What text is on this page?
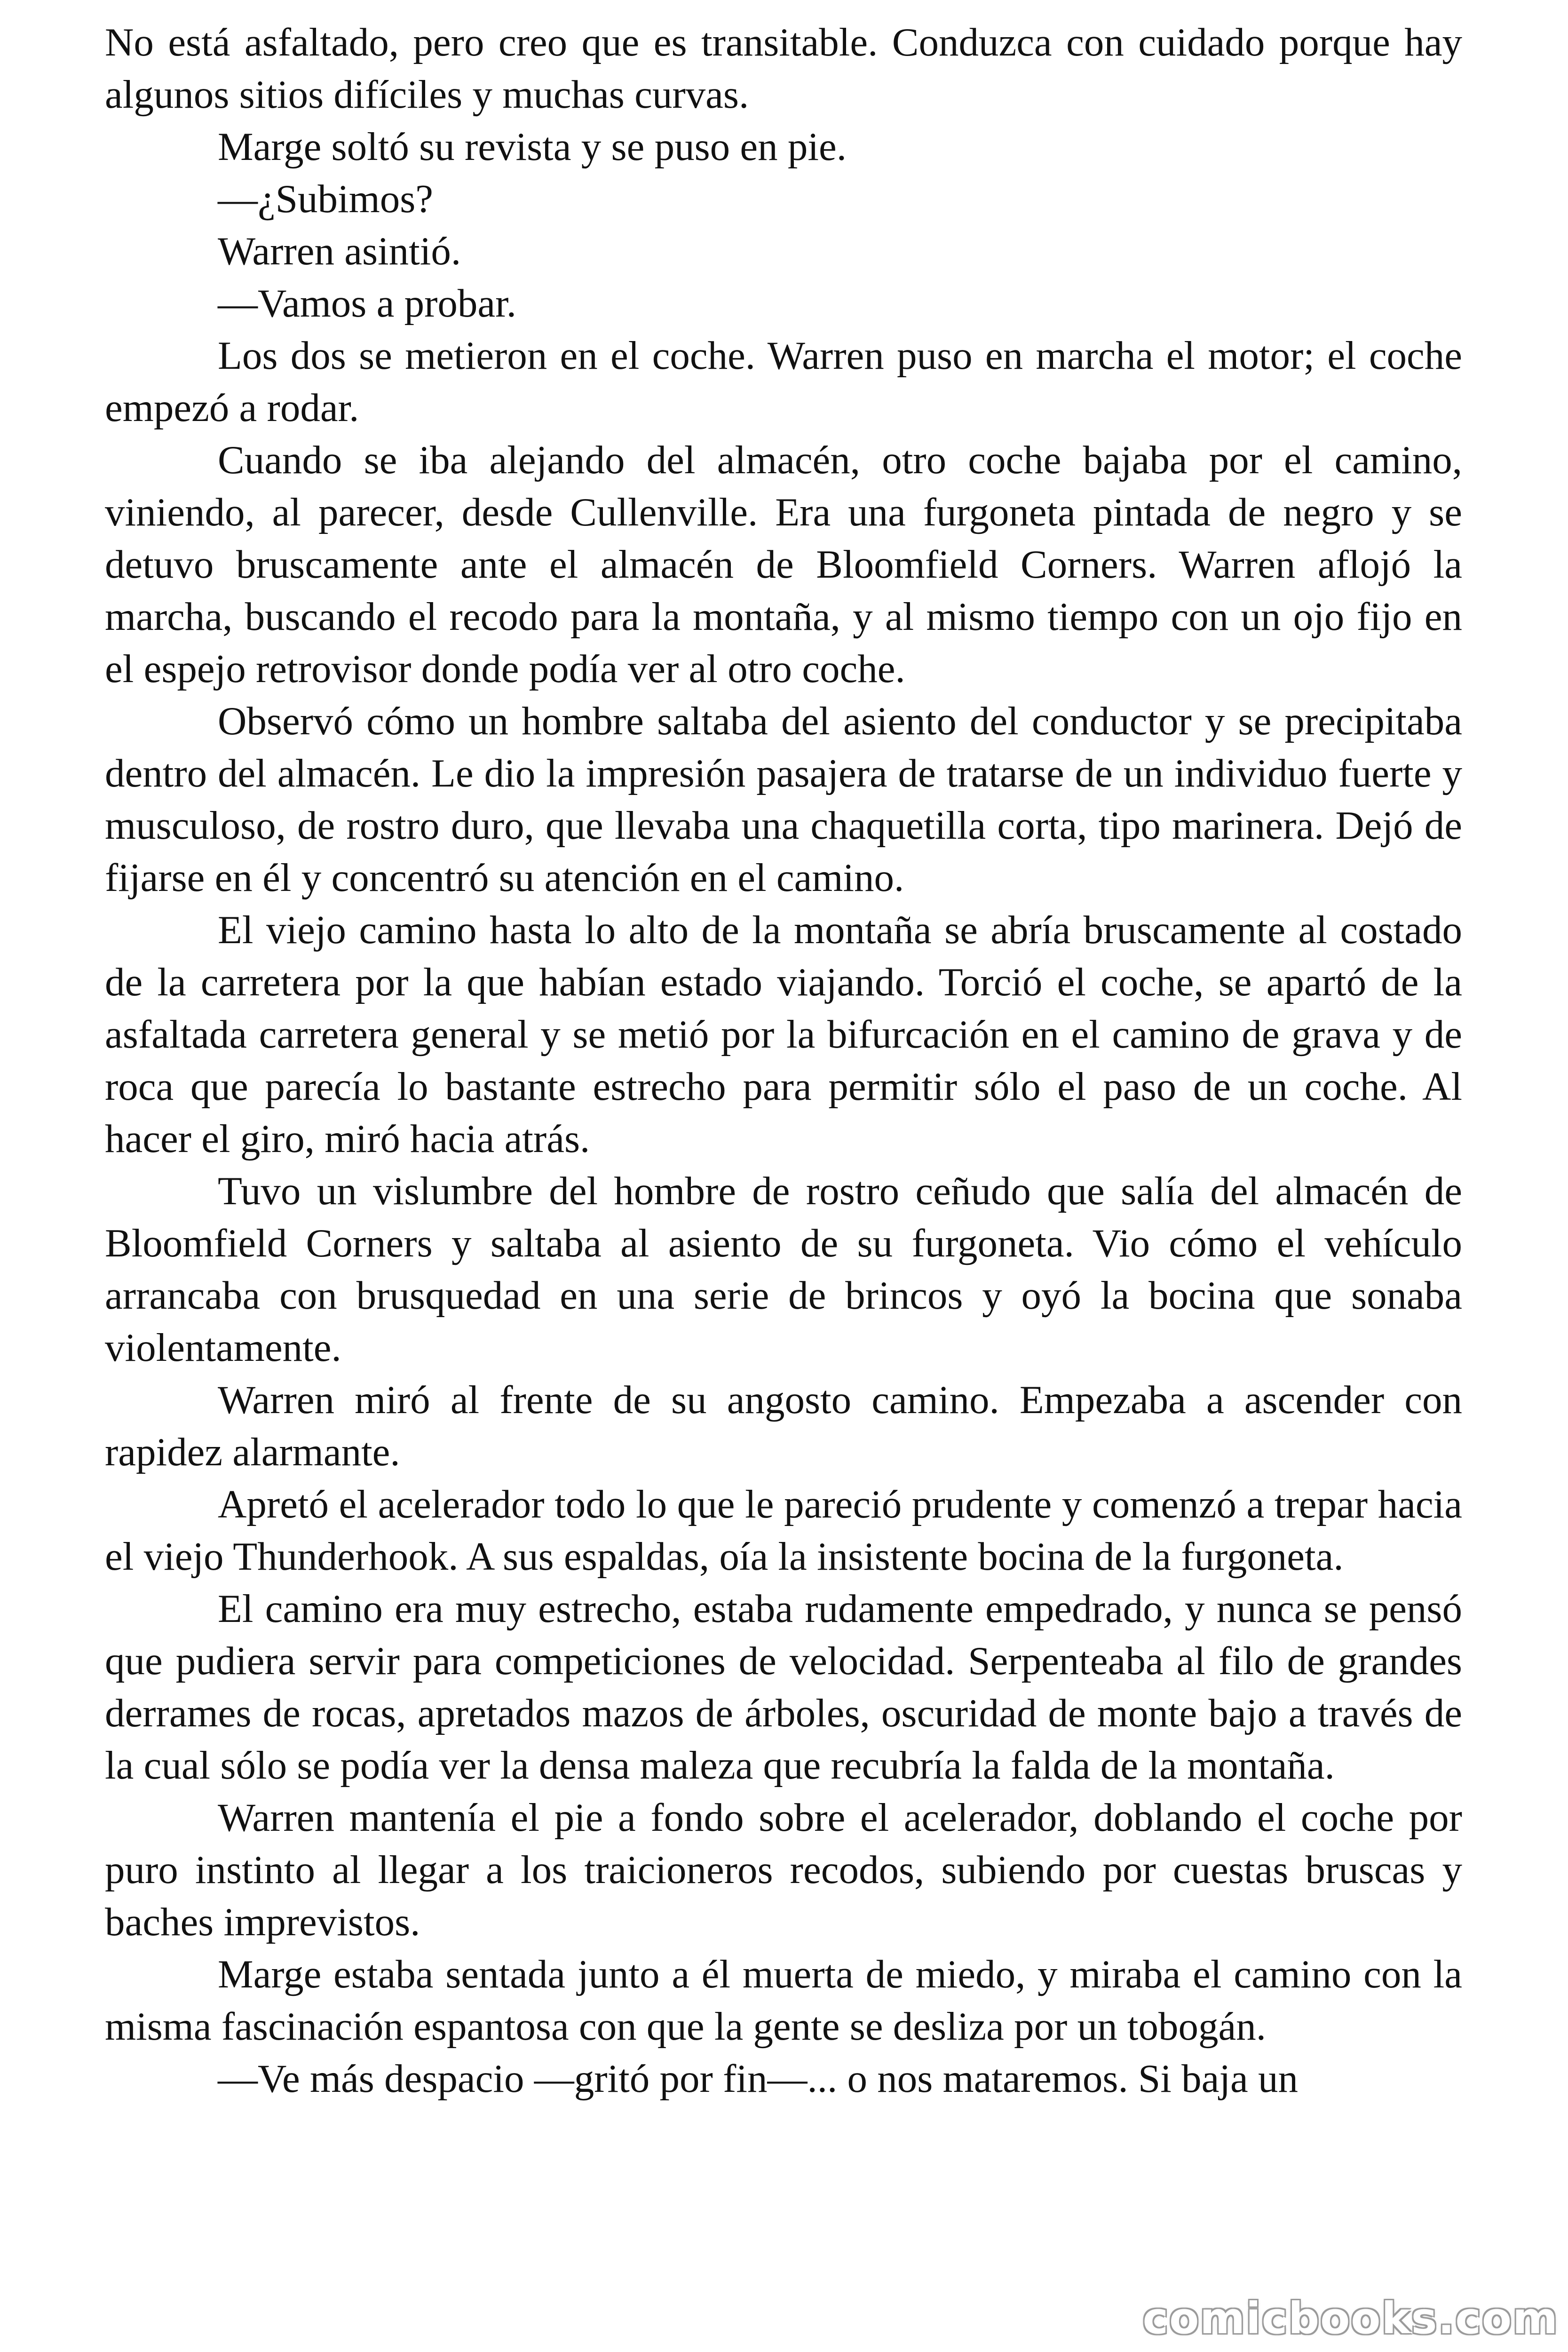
No está asfaltado, pero creo que es transitable. Conduzca con cuidado porque hay algunos sitios difíciles y muchas curvas.

Marge soltó su revista y se puso en pie.

—¿Subimos?

Warren asintió.

—Vamos a probar.

Los dos se metieron en el coche. Warren puso en marcha el motor; el coche empezó a rodar.

Cuando se iba alejando del almacén, otro coche bajaba por el camino, viniendo, al parecer, desde Cullenville. Era una furgoneta pintada de negro y se detuvo bruscamente ante el almacén de Bloomfield Corners. Warren aflojó la marcha, buscando el recodo para la montaña, y al mismo tiempo con un ojo fijo en el espejo retrovisor donde podía ver al otro coche.

Observó cómo un hombre saltaba del asiento del conductor y se precipitaba dentro del almacén. Le dio la impresión pasajera de tratarse de un individuo fuerte y musculoso, de rostro duro, que llevaba una chaquetilla corta, tipo marinera. Dejó de fijarse en él y concentró su atención en el camino.

El viejo camino hasta lo alto de la montaña se abría bruscamente al costado de la carretera por la que habían estado viajando. Torció el coche, se apartó de la asfaltada carretera general y se metió por la bifurcación en el camino de grava y de roca que parecía lo bastante estrecho para permitir sólo el paso de un coche. Al hacer el giro, miró hacia atrás.

Tuvo un vislumbre del hombre de rostro ceñudo que salía del almacén de Bloomfield Corners y saltaba al asiento de su furgoneta. Vio cómo el vehículo arrancaba con brusquedad en una serie de brincos y oyó la bocina que sonaba violentamente.

Warren miró al frente de su angosto camino. Empezaba a ascender con rapidez alarmante.

Apretó el acelerador todo lo que le pareció prudente y comenzó a trepar hacia el viejo Thunderhook. A sus espaldas, oía la insistente bocina de la furgoneta.

El camino era muy estrecho, estaba rudamente empedrado, y nunca se pensó que pudiera servir para competiciones de velocidad. Serpenteaba al filo de grandes derrames de rocas, apretados mazos de árboles, oscuridad de monte bajo a través de la cual sólo se podía ver la densa maleza que recubría la falda de la montaña.

Warren mantenía el pie a fondo sobre el acelerador, doblando el coche por puro instinto al llegar a los traicioneros recodos, subiendo por cuestas bruscas y baches imprevistos.

Marge estaba sentada junto a él muerta de miedo, y miraba el camino con la misma fascinación espantosa con que la gente se desliza por un tobogán.

—Ve más despacio —gritó por fin—... o nos mataremos. Si baja un

comicbooks.com
